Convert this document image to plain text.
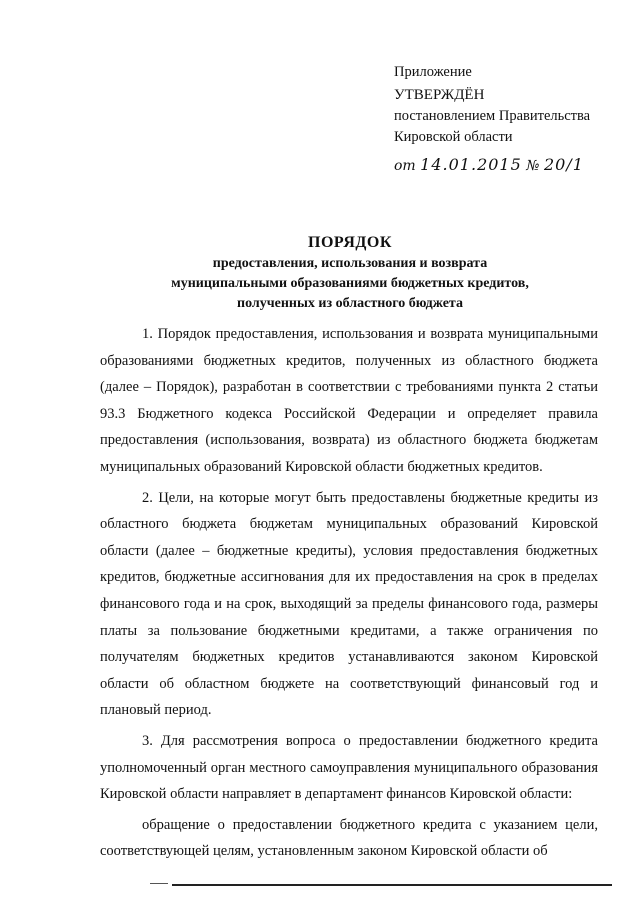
Приложение
УТВЕРЖДЁН
постановлением Правительства
Кировской области
от 14.01.2015 № 20/1
ПОРЯДОК
предоставления, использования и возврата
муниципальными образованиями бюджетных кредитов,
полученных из областного бюджета

1. Порядок предоставления, использования и возврата муниципальными образованиями бюджетных кредитов, полученных из областного бюджета (далее – Порядок), разработан в соответствии с требованиями пункта 2 статьи 93.3 Бюджетного кодекса Российской Федерации и определяет правила предоставления (использования, возврата) из областного бюджета бюджетам муниципальных образований Кировской области бюджетных кредитов.

2. Цели, на которые могут быть предоставлены бюджетные кредиты из областного бюджета бюджетам муниципальных образований Кировской области (далее – бюджетные кредиты), условия предоставления бюджетных кредитов, бюджетные ассигнования для их предоставления на срок в пределах финансового года и на срок, выходящий за пределы финансового года, размеры платы за пользование бюджетными кредитами, а также ограничения по получателям бюджетных кредитов устанавливаются законом Кировской области об областном бюджете на соответствующий финансовый год и плановый период.

3. Для рассмотрения вопроса о предоставлении бюджетного кредита уполномоченный орган местного самоуправления муниципального образования Кировской области направляет в департамент финансов Кировской области:

обращение о предоставлении бюджетного кредита с указанием цели, соответствующей целям, установленным законом Кировской области об
